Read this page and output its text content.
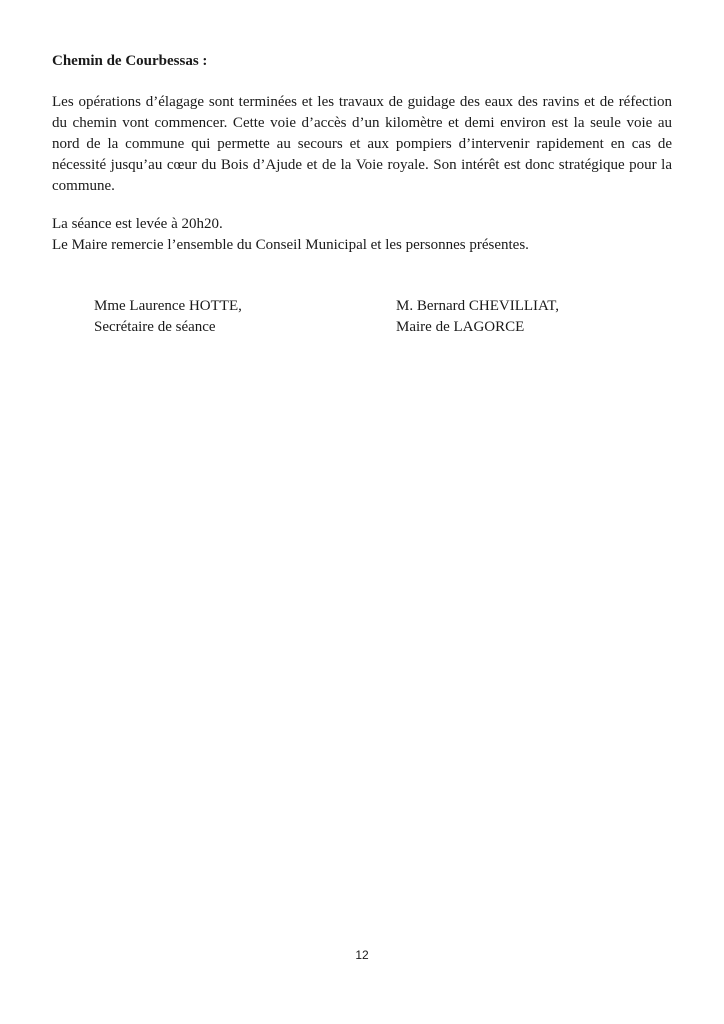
Chemin de Courbessas :

Les opérations d’élagage sont terminées et les travaux de guidage des eaux des ravins et de réfection du chemin vont commencer. Cette voie d’accès d’un kilomètre et demi environ est la seule voie au nord de la commune qui permette au secours et aux pompiers d’intervenir rapidement en cas de nécessité jusqu’au cœur du Bois d’Ajude et de la Voie royale. Son intérêt est donc stratégique pour la commune.

La séance est levée à 20h20.
Le Maire remercie l’ensemble du Conseil Municipal et les personnes présentes.
Mme Laurence HOTTE,
Secrétaire de séance
M. Bernard CHEVILLIAT,
Maire de LAGORCE
12
